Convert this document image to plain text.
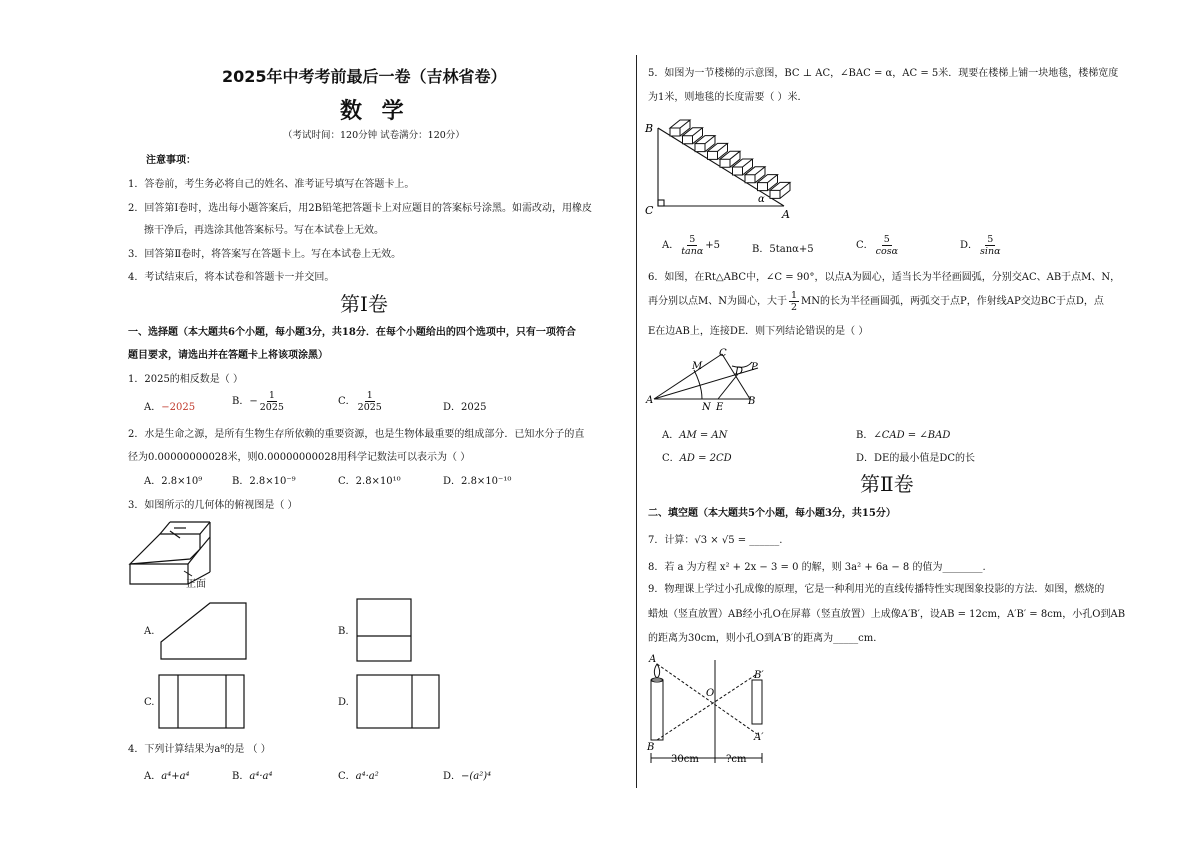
2025年中考考前最后一卷（吉林省卷）
数 学
（考试时间：120分钟 试卷满分：120分）
注意事项：
1．答卷前，考生务必将自己的姓名、准考证号填写在答题卡上。
2．回答第Ⅰ卷时，选出每小题答案后，用2B铅笔把答题卡上对应题目的答案标号涂黑。如需改动，用橡皮
擦干净后，再选涂其他答案标号。写在本试卷上无效。
3．回答第Ⅱ卷时，将答案写在答题卡上。写在本试卷上无效。
4．考试结束后，将本试卷和答题卡一并交回。
第Ⅰ卷
一、选择题（本大题共6个小题，每小题3分，共18分．在每个小题给出的四个选项中，只有一项符合
题目要求，请选出并在答题卡上将该项涂黑）
1．2025的相反数是（ ）
A．−2025
B．− $\frac{1}{2025}$	C． $\frac{1}{2025}$	D．2025
2．水是生命之源，是所有生物生存所依赖的重要资源，也是生物体最重要的组成部分．已知水分子的直
径为0.00000000028米，则0.00000000028用科学记数法可以表示为（ ）
A．2.8×10⁹	B．2.8×10⁻⁹	C．2.8×10¹⁰	D．2.8×10⁻¹⁰
3．如图所示的几何体的俯视图是（ ）
正面
A.	B.
C.	D.
4．下列计算结果为a⁸的是 （ ）
A．a⁴+a⁴	B．a⁴·a⁴	C．a⁴·a²	D．−(a²)⁴
5．如图为一节楼梯的示意图，BC ⊥ AC，∠BAC = α，AC = 5米．现要在楼梯上铺一块地毯，楼梯宽度
为1米，则地毯的长度需要（ ）米．
B
C	A
α
A． $\frac{5}{\tan\alpha} +5$	B．5tanα+5	C． $\frac{5}{\cos\alpha}$	D． $\frac{5}{\sin\alpha}$
6．如图，在Rt△ABC中，∠C = 90°，以点A为圆心，适当长为半径画圆弧，分别交AC、AB于点M、N，
再分别以点M、N为圆心，大于 $\frac{1}{2}$ MN的长为半径画圆弧，两弧交于点P，作射线AP交边BC于点D，点
E在边AB上，连接DE．则下列结论错误的是（ ）
A
M
C
D P
N E
B
A．AM = AN	B．∠CAD = ∠BAD
C．AD = 2CD	D．DE的最小值是DC的长
第Ⅱ卷
二、填空题（本大题共5个小题，每小题3分，共15分）
7．计算：√3 × √5 = ______.
8．若 a 为方程 x² + 2x − 3 = 0 的解，则 3a² + 6a − 8 的值为________.
9．物理课上学过小孔成像的原理，它是一种利用光的直线传播特性实现图象投影的方法．如图，燃烧的
蜡烛（竖直放置）AB经小孔O在屏幕（竖直放置）上成像A′B′，设AB = 12cm，A′B′ = 8cm，小孔O到AB
的距离为30cm，则小孔O到A′B′的距离为_____cm．
A
B
O
B′
A′
30cm	?cm
